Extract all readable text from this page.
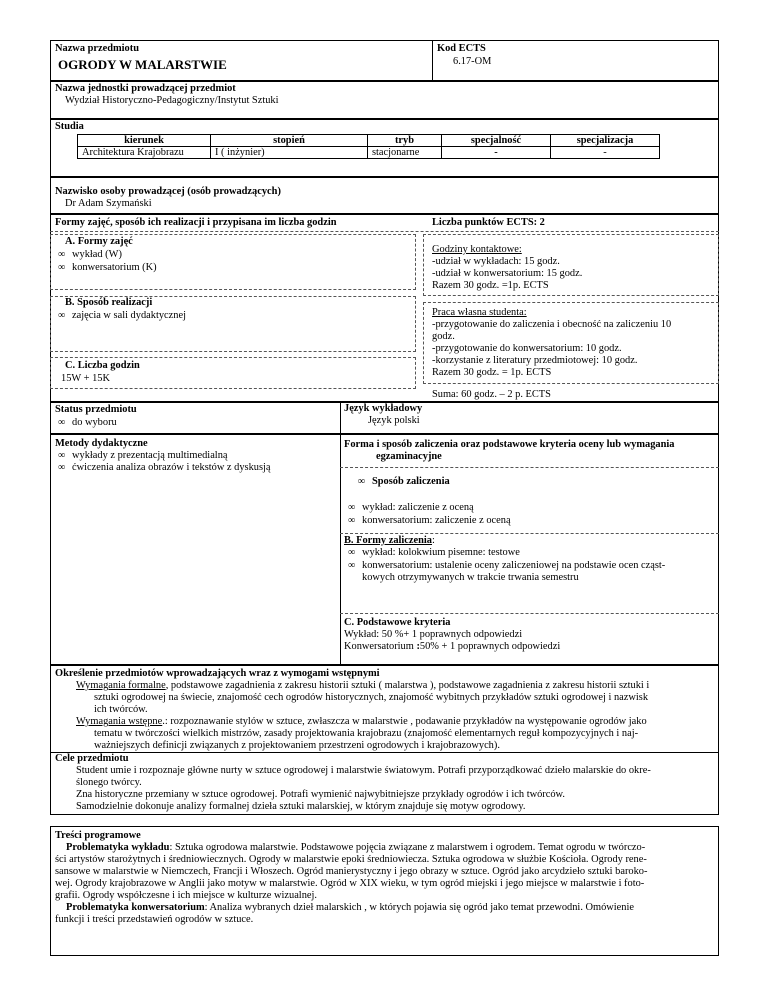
Nazwa przedmiotu
OGRODY W MALARSTWIE
Kod ECTS
6.17-OM
Nazwa jednostki prowadzącej przedmiot
Wydział Historyczno-Pedagogiczny/Instytut Sztuki
Studia
kierunek	stopień	tryb	specjalność	specjalizacja
Architektura Krajobrazu	I ( inżynier)	stacjonarne	-	-
Nazwisko osoby prowadzącej (osób prowadzących)
Dr Adam Szymański
Formy zajęć, sposób ich realizacji i przypisana im liczba godzin	Liczba punktów ECTS: 2
A. Formy zajęć
∞ wykład (W)
∞ konwersatorium (K)
B. Sposób realizacji
∞ zajęcia w sali dydaktycznej
C. Liczba godzin
15W + 15K
Godziny kontaktowe:
-udział w wykładach: 15 godz.
-udział w konwersatorium: 15 godz.
Razem 30 godz. =1p. ECTS
Praca własna studenta:
-przygotowanie do zaliczenia i obecność na zaliczeniu 10
godz.
-przygotowanie do konwersatorium: 10 godz.
-korzystanie z literatury przedmiotowej: 10 godz.
Razem 30 godz. = 1p. ECTS
Suma: 60 godz. – 2 p. ECTS
Status przedmiotu
∞ do wyboru
Język wykładowy
Język polski
Metody dydaktyczne
∞ wykłady z prezentacją multimedialną
∞ ćwiczenia analiza obrazów i tekstów z dyskusją
Forma i sposób zaliczenia oraz podstawowe kryteria oceny lub wymagania
egzaminacyjne
∞ Sposób zaliczenia
∞ wykład: zaliczenie z oceną
∞ konwersatorium: zaliczenie z oceną
B. Formy zaliczenia:
∞ wykład: kolokwium pisemne: testowe
∞ konwersatorium: ustalenie oceny zaliczeniowej na podstawie ocen cząst-
kowych otrzymywanych w trakcie trwania semestru
C. Podstawowe kryteria
Wykład: 50 %+ 1 poprawnych odpowiedzi
Konwersatorium :50% + 1 poprawnych odpowiedzi
Określenie przedmiotów wprowadzających wraz z wymogami wstępnymi
Wymagania formalne, podstawowe zagadnienia z zakresu historii sztuki ( malarstwa ), podstawowe zagadnienia z zakresu historii sztuki i
sztuki ogrodowej na świecie, znajomość cech ogrodów historycznych, znajomość wybitnych przykładów sztuki ogrodowej i nazwisk
ich twórców.
Wymagania wstępne.: rozpoznawanie stylów w sztuce, zwłaszcza w malarstwie , podawanie przykładów na występowanie ogrodów jako
tematu w twórczości wielkich mistrzów, zasady projektowania krajobrazu (znajomość elementarnych reguł kompozycyjnych i naj-
ważniejszych definicji związanych z projektowaniem przestrzeni ogrodowych i krajobrazowych).
Cele przedmiotu
Student umie i rozpoznaje główne nurty w sztuce ogrodowej i malarstwie światowym. Potrafi przyporządkować dzieło malarskie do okre-
ślonego twórcy.
Zna historyczne przemiany w sztuce ogrodowej. Potrafi wymienić najwybitniejsze przykłady ogrodów i ich twórców.
Samodzielnie dokonuje analizy formalnej dzieła sztuki malarskiej, w którym znajduje się motyw ogrodowy.
Treści programowe
Problematyka wykładu: Sztuka ogrodowa malarstwie. Podstawowe pojęcia związane z malarstwem i ogrodem. Temat ogrodu w twórczo-
ści artystów starożytnych i średniowiecznych. Ogrody w malarstwie epoki średniowiecza. Sztuka ogrodowa w służbie Kościoła. Ogrody rene-
sansowe w malarstwie w Niemczech, Francji i Włoszech. Ogród manierystyczny i jego obrazy w sztuce. Ogród jako arcydzieło sztuki baroko-
wej. Ogrody krajobrazowe w Anglii jako motyw w malarstwie. Ogród w XIX wieku, w tym ogród miejski i jego miejsce w malarstwie i foto-
grafii. Ogrody współczesne i ich miejsce w kulturze wizualnej.
Problematyka konwersatorium: Analiza wybranych dzieł malarskich , w których pojawia się ogród jako temat przewodni. Omówienie
funkcji i treści przedstawień ogrodów w sztuce.
